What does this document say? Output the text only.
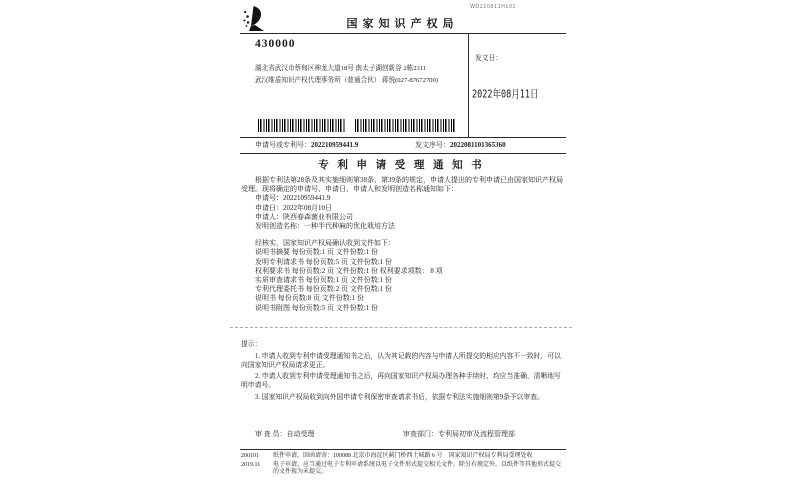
WD220811H101
国家知识产权局
430000
湖北省武汉市蔡甸区神龙大道18号 南太子湖创新谷 2栋2311
武汉维盾知识产权代理事务所（普通合伙） 蒋悦(027-87672700)
发文日：
2022年08月11日
申请号或专利号：202210959441.9	发文序号：2022081101365360
专 利 申 请 受 理 通 知 书

根据专利法第28条及其实施细则第38条、第39条的规定，申请人提出的专利申请已由国家知识产权局受理。现将确定的申请号、申请日、申请人和发明创造名称通知如下：

申请号：202210959441.9

申请日：2022年08月10日

申请人：陕西春森菌业有限公司

发明创造名称：一种半代种麻的优化栽培方法

经核实，国家知识产权局确认收到文件如下：

说明书摘要 每份页数:1 页 文件份数:1 份

发明专利请求书 每份页数:5 页 文件份数:1 份

权利要求书 每份页数:2 页 文件份数:1 份 权利要求项数： 8 项

实质审查请求书 每份页数:1 页 文件份数:1 份

专利代理委托书 每份页数:2 页 文件份数:1 份

说明书 每份页数:8 页 文件份数:1 份

说明书附图 每份页数:5 页 文件份数:1 份

提示：

1. 申请人收到专利申请受理通知书之后，认为其记载的内容与申请人所提交的相应内容不一致时，可以向国家知识产权局请求更正。

2. 申请人收到专利申请受理通知书之后，再向国家知识产权局办理各种手续时，均应当准确、清晰地写明申请号。

3. 国家知识产权局收到向外国申请专利保密审查请求书后，依据专利法实施细则第9条予以审查。

审 查 员：自动受理	审查部门：专利局初审及流程管理部
200101	纸件申请，回函请寄：100088 北京市海淀区蓟门桥西土城路 6 号　国家知识产权局专利局受理处收
2019.11	电子申请，应当通过电子专利申请系统以电子文件形式提交相关文件。除另有规定外，以纸件等其他形式提交的文件视为未提交。
